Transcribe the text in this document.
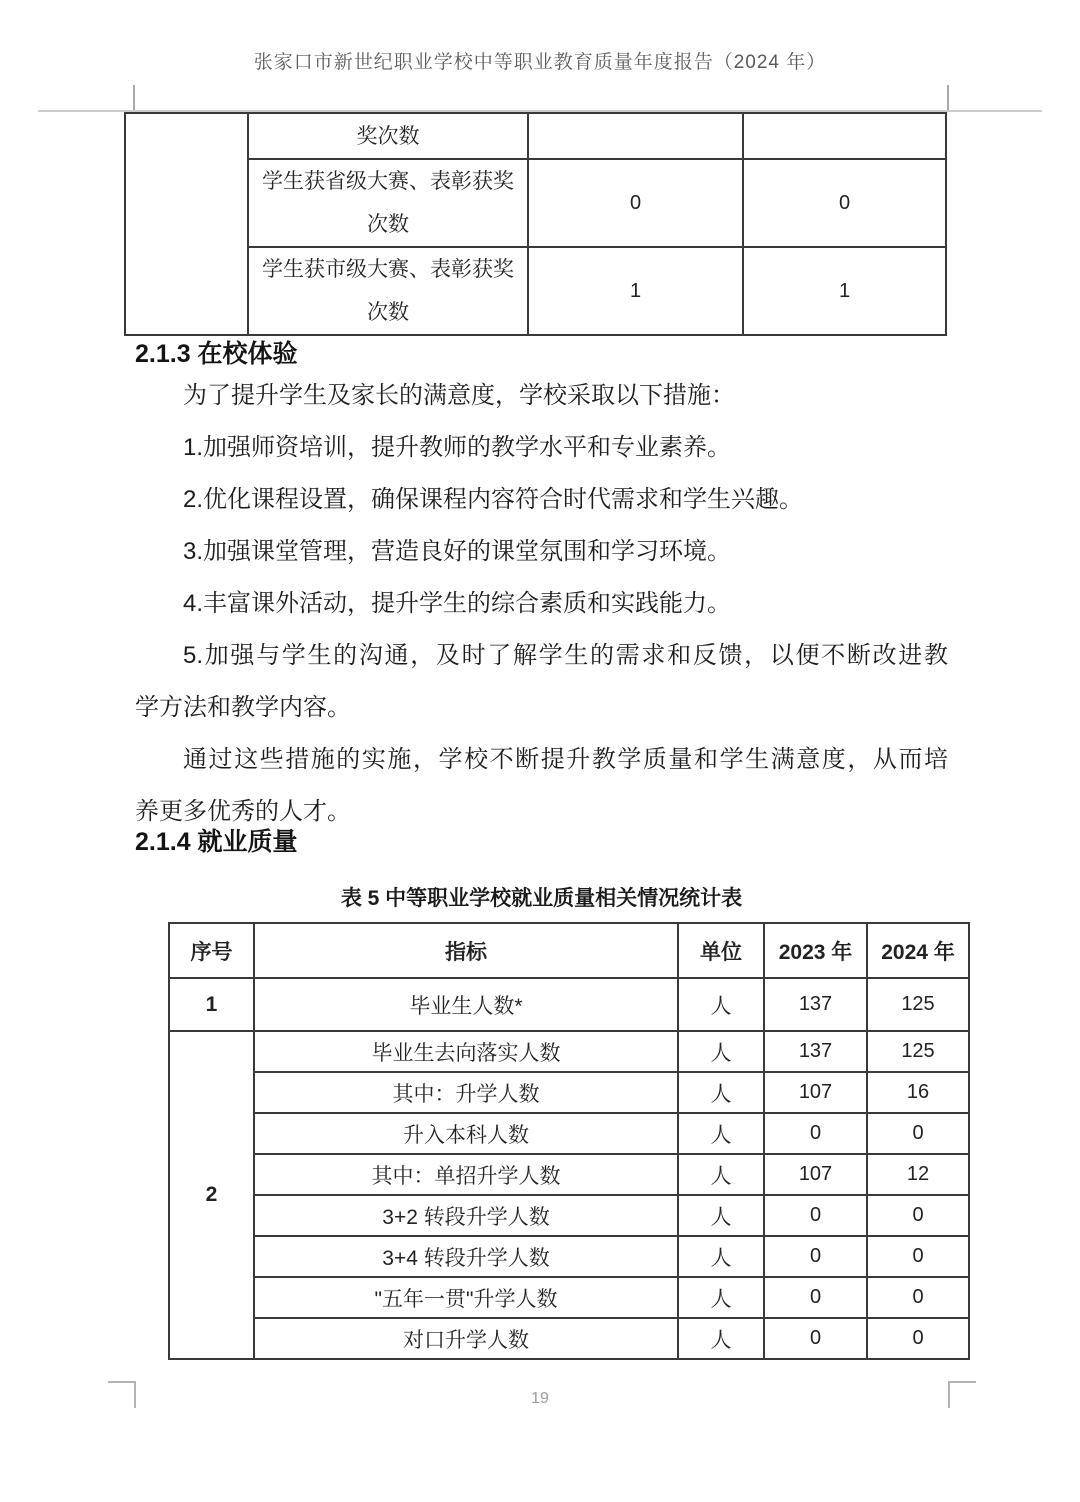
张家口市新世纪职业学校中等职业教育质量年度报告（2024 年）
	奖次数		
	学生获省级大赛、表彰获奖次数	0	0
	学生获市级大赛、表彰获奖次数	1	1
2.1.3 在校体验
为了提升学生及家长的满意度，学校采取以下措施：
1.加强师资培训，提升教师的教学水平和专业素养。
2.优化课程设置，确保课程内容符合时代需求和学生兴趣。
3.加强课堂管理，营造良好的课堂氛围和学习环境。
4.丰富课外活动，提升学生的综合素质和实践能力。
5.加强与学生的沟通，及时了解学生的需求和反馈，以便不断改进教
学方法和教学内容。
通过这些措施的实施，学校不断提升教学质量和学生满意度，从而培
养更多优秀的人才。
2.1.4 就业质量
表 5 中等职业学校就业质量相关情况统计表
序号	指标	单位	2023 年	2024 年
1	毕业生人数*	人	137	125
2	毕业生去向落实人数	人	137	125
	其中：升学人数	人	107	16
	升入本科人数	人	0	0
	其中：单招升学人数	人	107	12
	3+2 转段升学人数	人	0	0
	3+4 转段升学人数	人	0	0
	"五年一贯"升学人数	人	0	0
	对口升学人数	人	0	0
19
